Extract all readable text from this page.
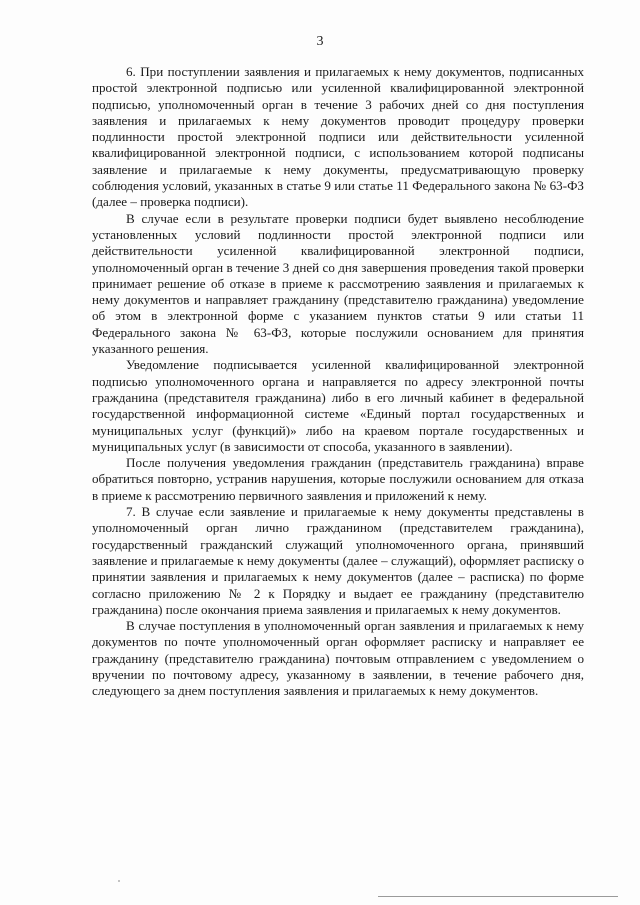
3

6. При поступлении заявления и прилагаемых к нему документов, подписанных простой электронной подписью или усиленной квалифицированной электронной подписью, уполномоченный орган в течение 3 рабочих дней со дня поступления заявления и прилагаемых к нему документов проводит процедуру проверки подлинности простой электронной подписи или действительности усиленной квалифицированной электронной подписи, с использованием которой подписаны заявление и прилагаемые к нему документы, предусматривающую проверку соблюдения условий, указанных в статье 9 или статье 11 Федерального закона № 63-ФЗ (далее – проверка подписи).

В случае если в результате проверки подписи будет выявлено несоблюдение установленных условий подлинности простой электронной подписи или действительности усиленной квалифицированной электронной подписи, уполномоченный орган в течение 3 дней со дня завершения проведения такой проверки принимает решение об отказе в приеме к рассмотрению заявления и прилагаемых к нему документов и направляет гражданину (представителю гражданина) уведомление об этом в электронной форме с указанием пунктов статьи 9 или статьи 11 Федерального закона № 63-ФЗ, которые послужили основанием для принятия указанного решения.

Уведомление подписывается усиленной квалифицированной электронной подписью уполномоченного органа и направляется по адресу электронной почты гражданина (представителя гражданина) либо в его личный кабинет в федеральной государственной информационной системе «Единый портал государственных и муниципальных услуг (функций)» либо на краевом портале государственных и муниципальных услуг (в зависимости от способа, указанного в заявлении).

После получения уведомления гражданин (представитель гражданина) вправе обратиться повторно, устранив нарушения, которые послужили основанием для отказа в приеме к рассмотрению первичного заявления и приложений к нему.

7. В случае если заявление и прилагаемые к нему документы представлены в уполномоченный орган лично гражданином (представителем гражданина), государственный гражданский служащий уполномоченного органа, принявший заявление и прилагаемые к нему документы (далее – служащий), оформляет расписку о принятии заявления и прилагаемых к нему документов (далее – расписка) по форме согласно приложению № 2 к Порядку и выдает ее гражданину (представителю гражданина) после окончания приема заявления и прилагаемых к нему документов.

В случае поступления в уполномоченный орган заявления и прилагаемых к нему документов по почте уполномоченный орган оформляет расписку и направляет ее гражданину (представителю гражданина) почтовым отправлением с уведомлением о вручении по почтовому адресу, указанному в заявлении, в течение рабочего дня, следующего за днем поступления заявления и прилагаемых к нему документов.
